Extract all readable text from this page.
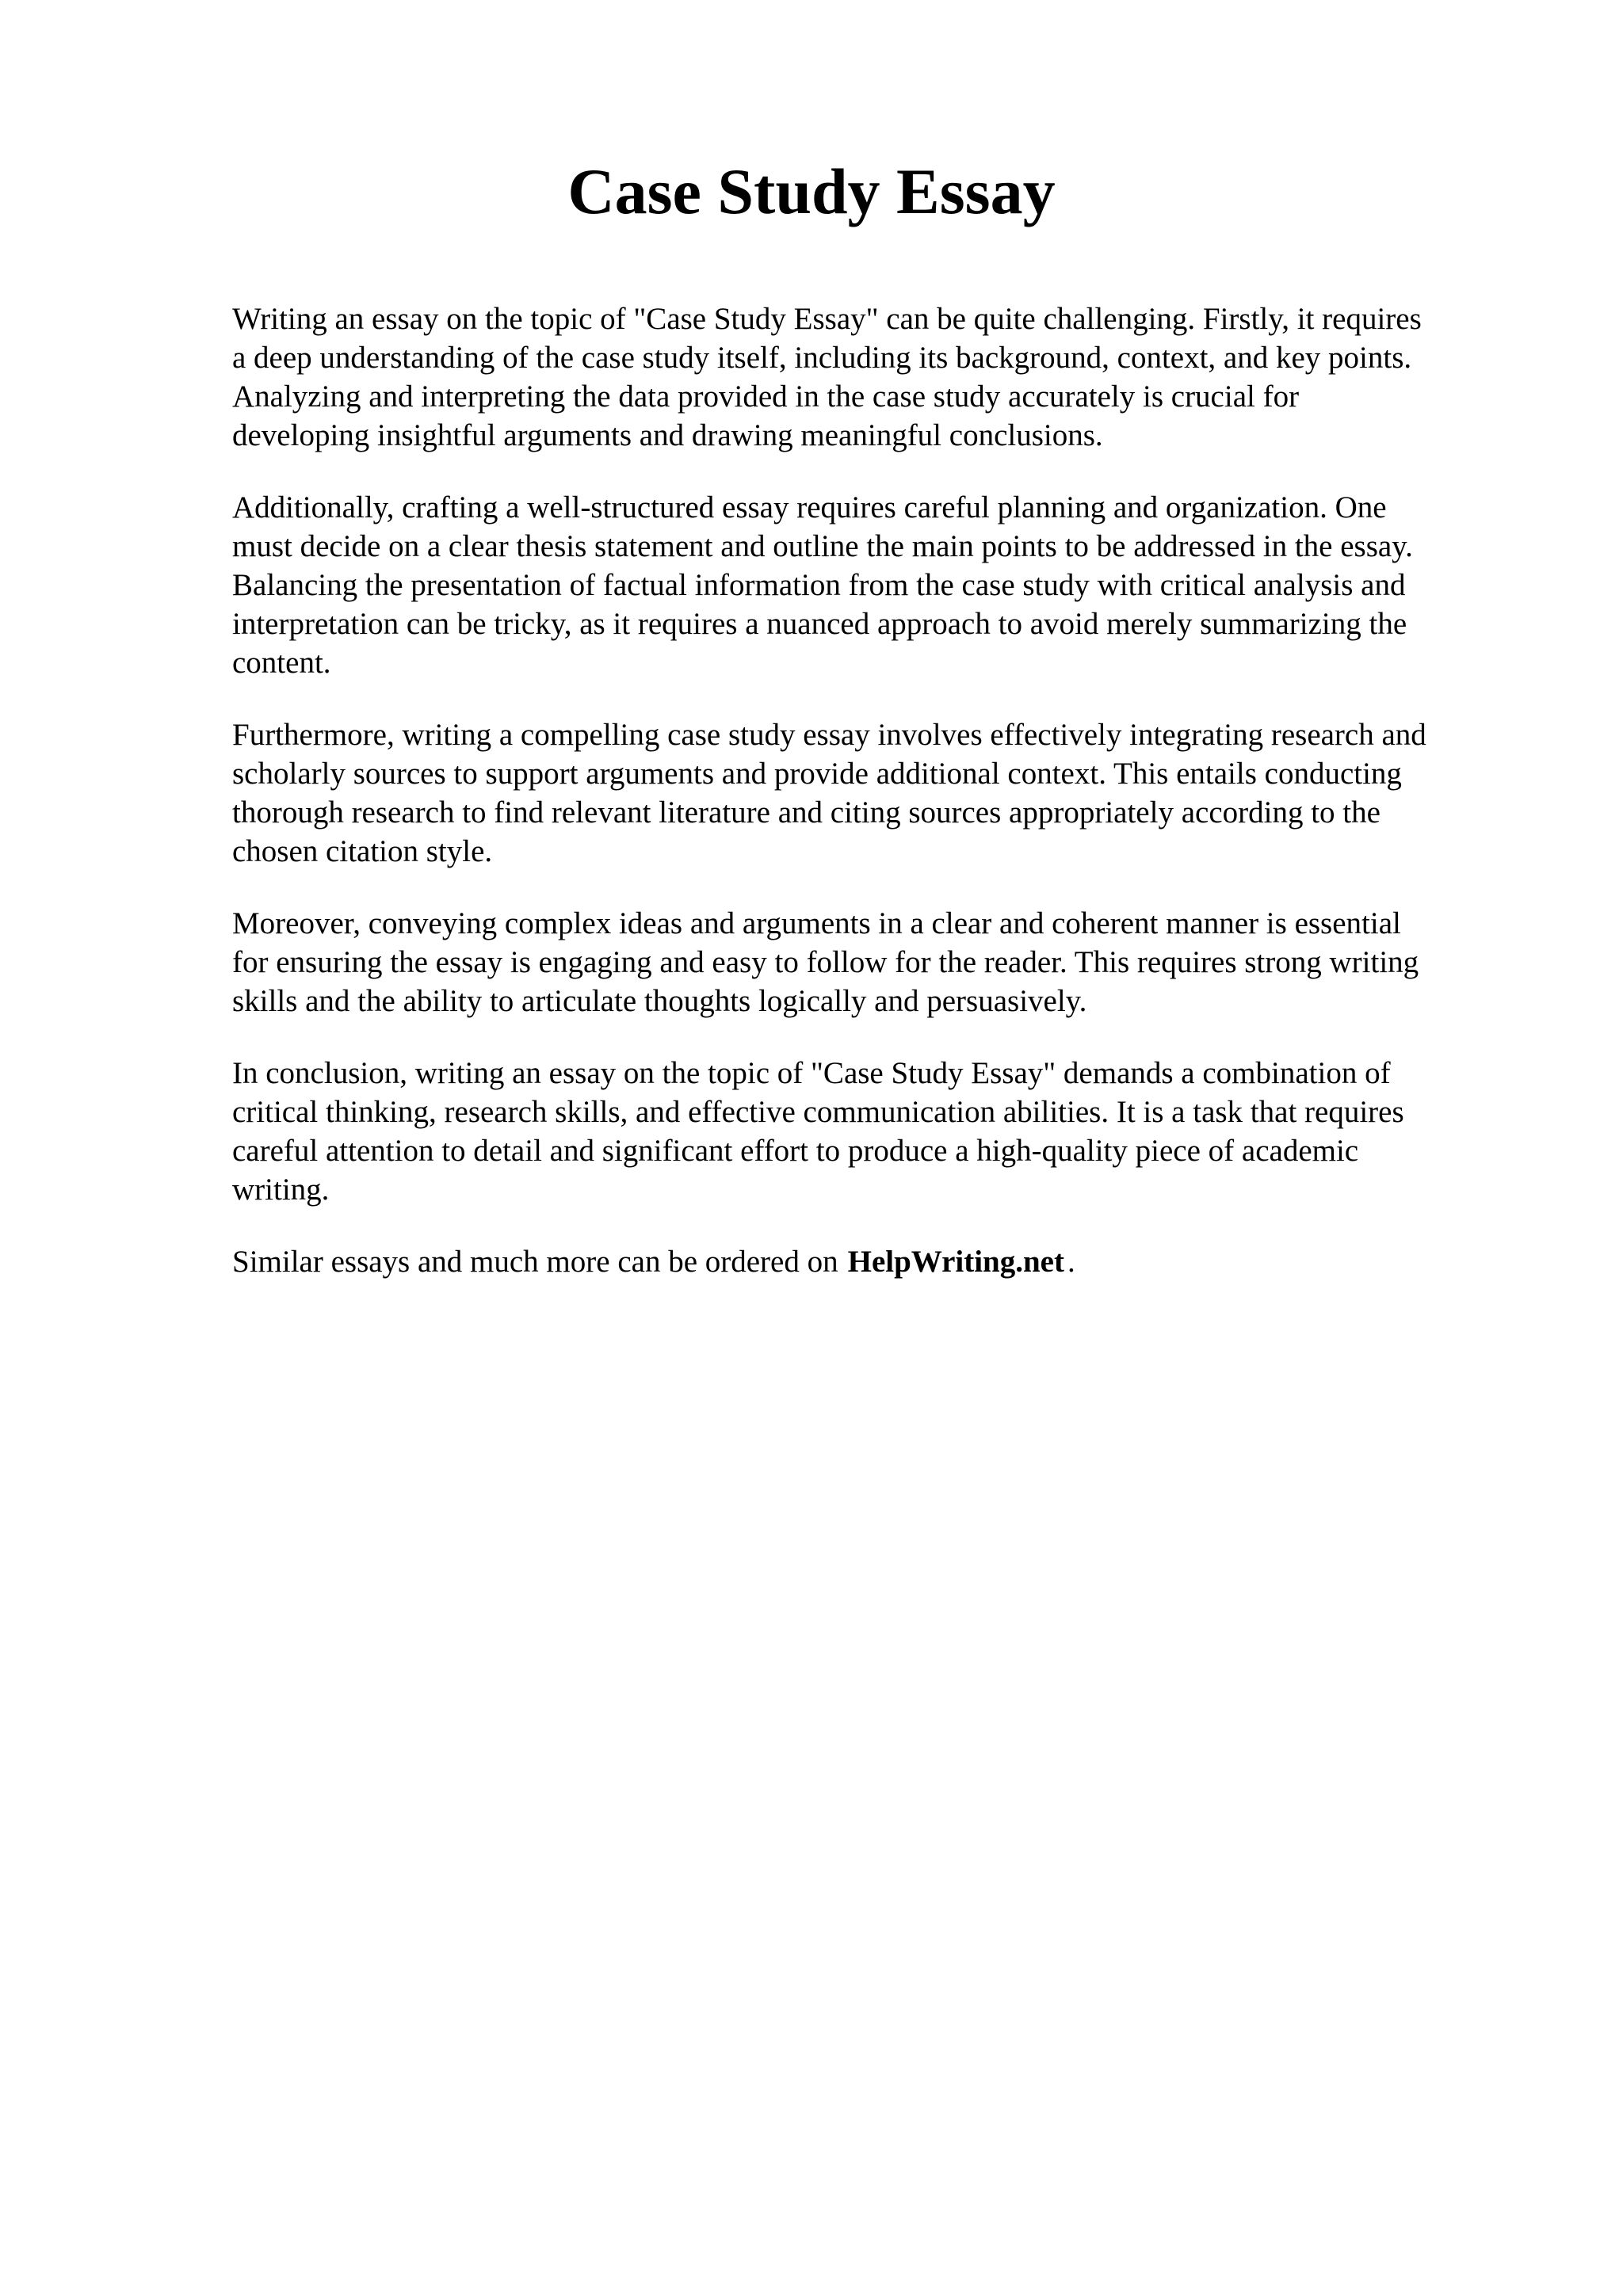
Case Study Essay

Writing an essay on the topic of "Case Study Essay" can be quite challenging. Firstly, it requires
a deep understanding of the case study itself, including its background, context, and key points.
Analyzing and interpreting the data provided in the case study accurately is crucial for
developing insightful arguments and drawing meaningful conclusions.

Additionally, crafting a well-structured essay requires careful planning and organization. One
must decide on a clear thesis statement and outline the main points to be addressed in the essay.
Balancing the presentation of factual information from the case study with critical analysis and
interpretation can be tricky, as it requires a nuanced approach to avoid merely summarizing the
content.

Furthermore, writing a compelling case study essay involves effectively integrating research and
scholarly sources to support arguments and provide additional context. This entails conducting
thorough research to find relevant literature and citing sources appropriately according to the
chosen citation style.

Moreover, conveying complex ideas and arguments in a clear and coherent manner is essential
for ensuring the essay is engaging and easy to follow for the reader. This requires strong writing
skills and the ability to articulate thoughts logically and persuasively.

In conclusion, writing an essay on the topic of "Case Study Essay" demands a combination of
critical thinking, research skills, and effective communication abilities. It is a task that requires
careful attention to detail and significant effort to produce a high-quality piece of academic
writing.

Similar essays and much more can be ordered on HelpWriting.net .
